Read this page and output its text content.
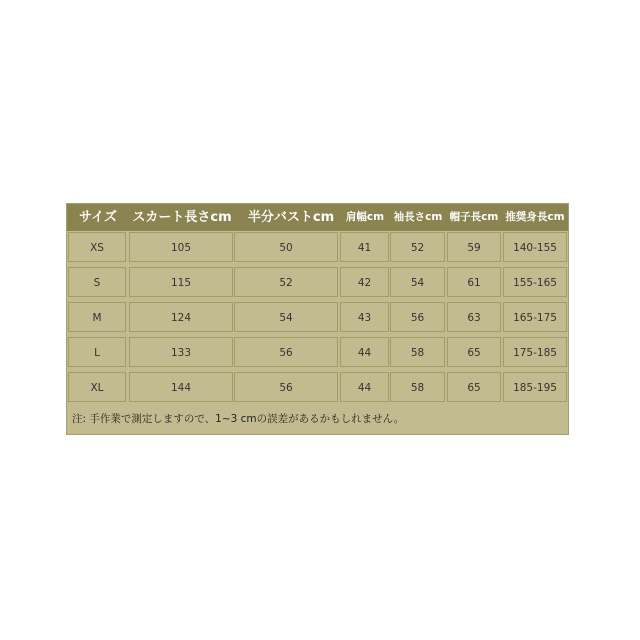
サイズ	スカート長さcm	半分バストcm	肩幅cm 袖長さcm 帽子長cm 推奨身長cm
XS	105	50	41	52	59	140-155
S	115	52	42	54	61	155-165
M	124	54	43	56	63	165-175
L	133	56	44	58	65	175-185
XL	144	56	44	58	65	185-195
注: 手作業で測定しますので、1~3 cmの誤差があるかもしれません。
